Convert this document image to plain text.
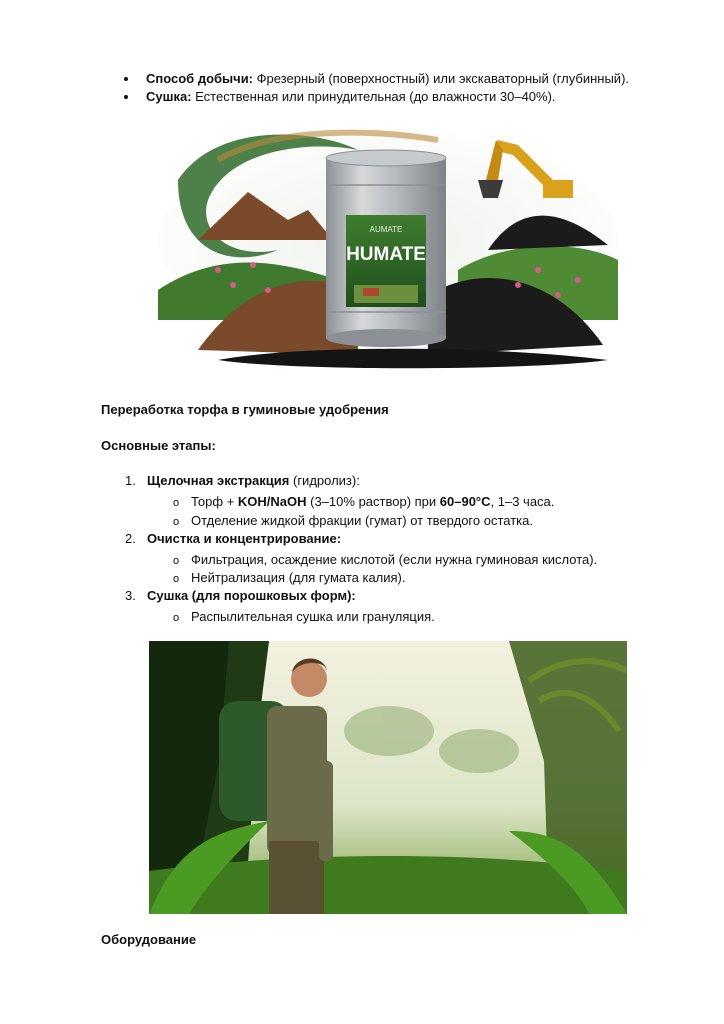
Способ добычи: Фрезерный (поверхностный) или экскаваторный (глубинный).
Сушка: Естественная или принудительная (до влажности 30–40%).
AUMATE
HUMATE
Переработка торфа в гуминовые удобрения
Основные этапы:
1. Щелочная экстракция (гидролиз):
o Торф + KOH/NaOH (3–10% раствор) при 60–90°C, 1–3 часа.
o Отделение жидкой фракции (гумат) от твердого остатка.
2. Очистка и концентрирование:
o Фильтрация, осаждение кислотой (если нужна гуминовая кислота).
o Нейтрализация (для гумата калия).
3. Сушка (для порошковых форм):
o Распылительная сушка или грануляция.
Оборудование
